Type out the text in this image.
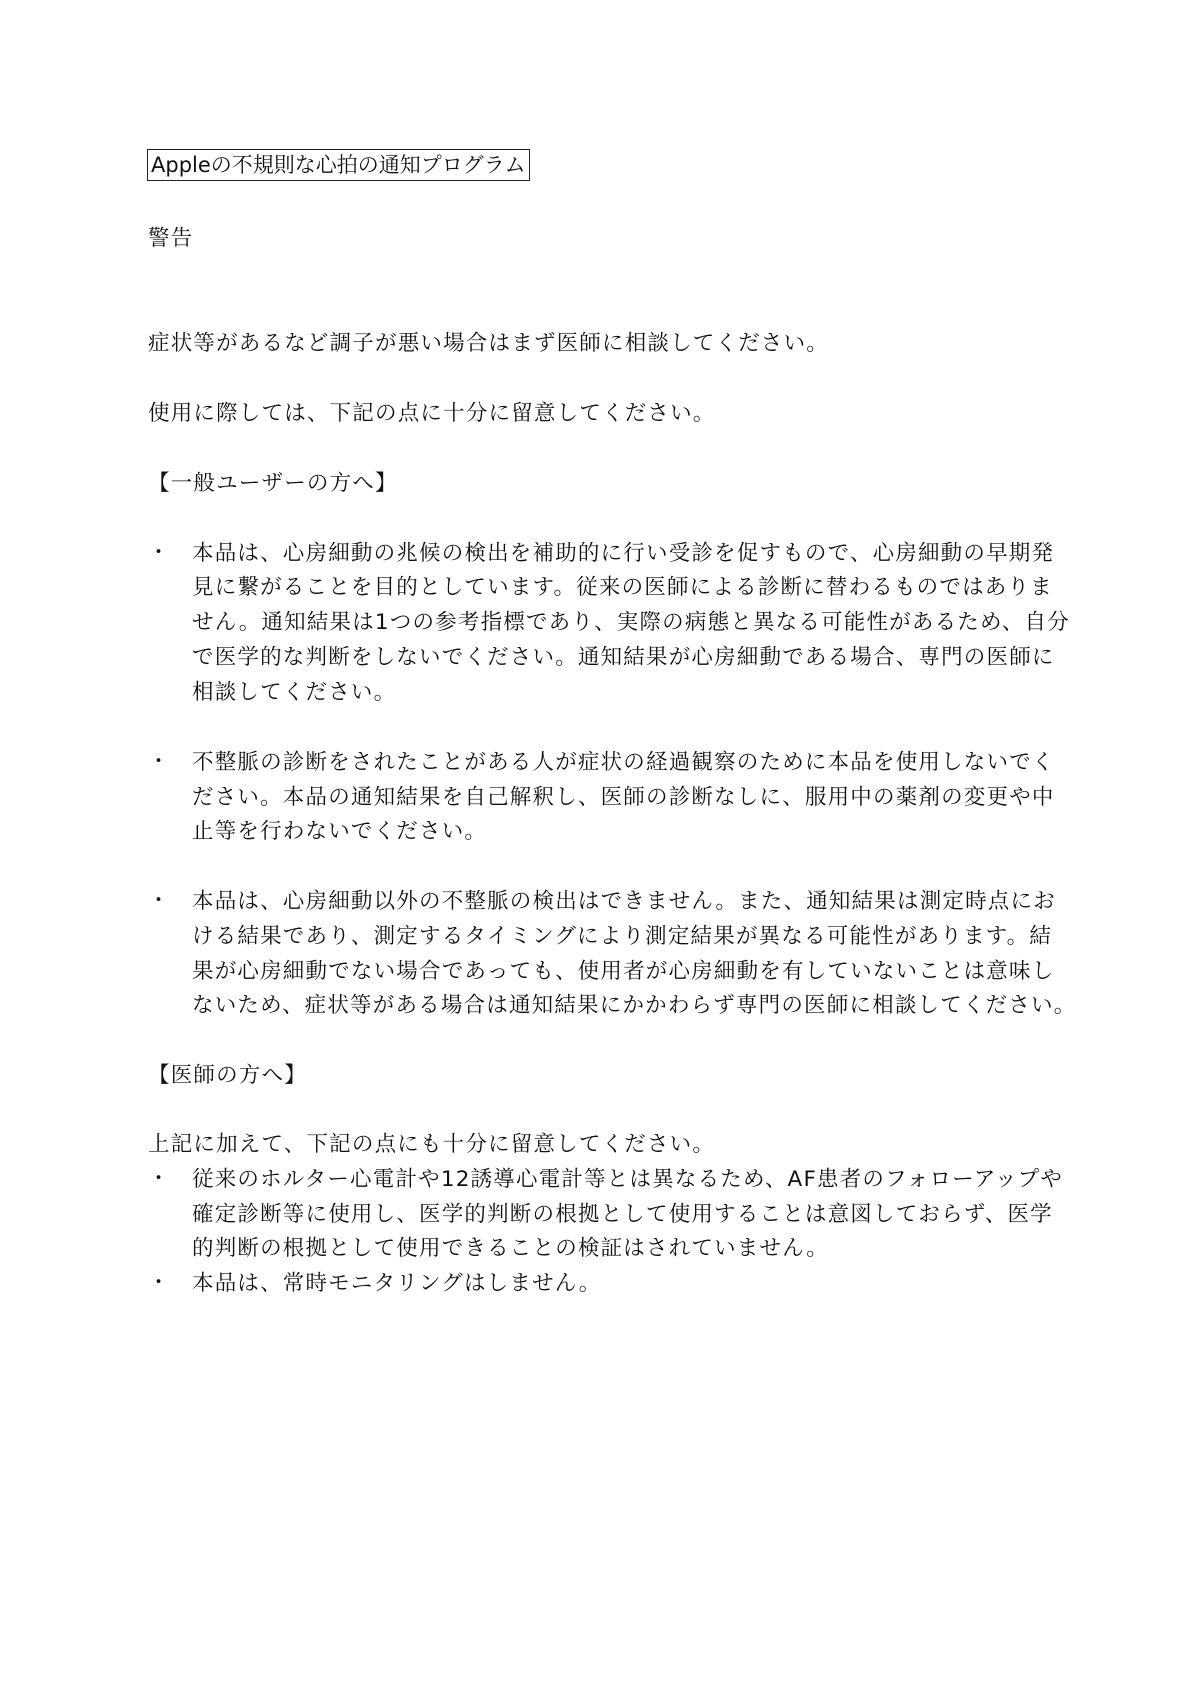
Appleの不規則な心拍の通知プログラム
警告
症状等があるなど調子が悪い場合はまず医師に相談してください。
使用に際しては、下記の点に十分に留意してください。
【一般ユーザーの方へ】
・ 本品は、心房細動の兆候の検出を補助的に行い受診を促すもので、心房細動の早期発
見に繋がることを目的としています。従来の医師による診断に替わるものではありま
せん。通知結果は1つの参考指標であり、実際の病態と異なる可能性があるため、自分
で医学的な判断をしないでください。通知結果が心房細動である場合、専門の医師に
相談してください。
・ 不整脈の診断をされたことがある人が症状の経過観察のために本品を使用しないでく
ださい。本品の通知結果を自己解釈し、医師の診断なしに、服用中の薬剤の変更や中
止等を行わないでください。
・ 本品は、心房細動以外の不整脈の検出はできません。また、通知結果は測定時点にお
ける結果であり、測定するタイミングにより測定結果が異なる可能性があります。結
果が心房細動でない場合であっても、使用者が心房細動を有していないことは意味し
ないため、症状等がある場合は通知結果にかかわらず専門の医師に相談してください。
【医師の方へ】
上記に加えて、下記の点にも十分に留意してください。
・ 従来のホルター心電計や12誘導心電計等とは異なるため、AF患者のフォローアップや
確定診断等に使用し、医学的判断の根拠として使用することは意図しておらず、医学
的判断の根拠として使用できることの検証はされていません。
・ 本品は、常時モニタリングはしません。
